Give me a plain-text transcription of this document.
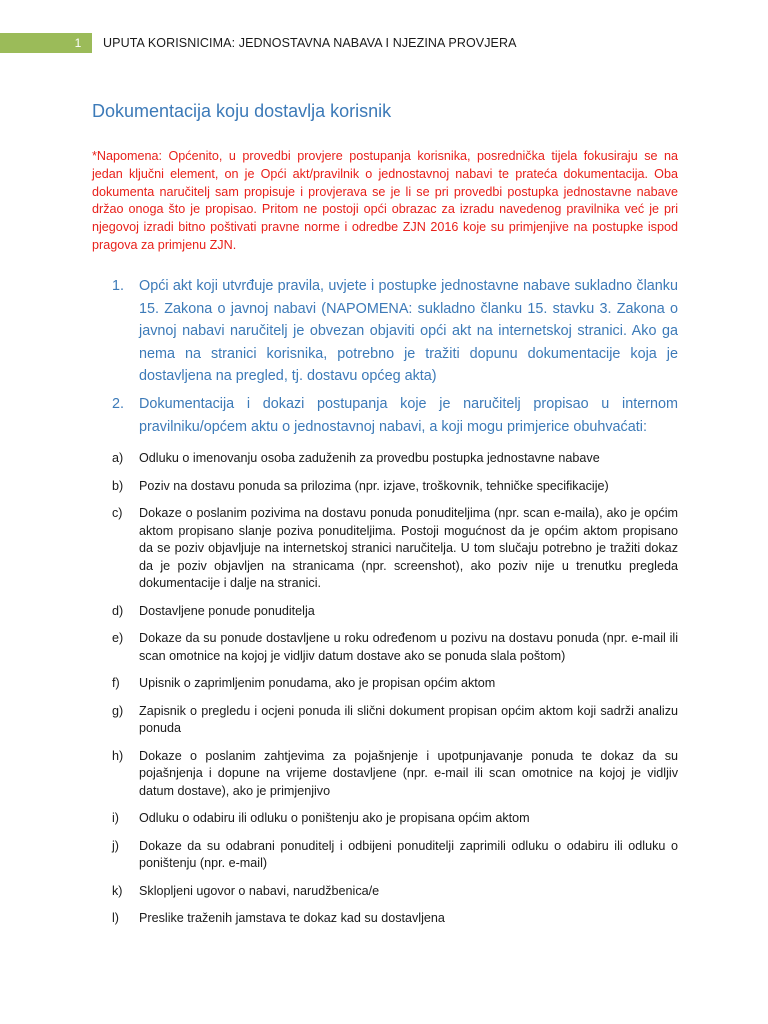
1	UPUTA KORISNICIMA: JEDNOSTAVNA NABAVA I NJEZINA PROVJERA
Dokumentacija koju dostavlja korisnik

*Napomena: Općenito, u provedbi provjere postupanja korisnika, posrednička tijela fokusiraju se na jedan ključni element, on je Opći akt/pravilnik o jednostavnoj nabavi te prateća dokumentacija. Oba dokumenta naručitelj sam propisuje i provjerava se je li se pri provedbi postupka jednostavne nabave držao onoga što je propisao. Pritom ne postoji opći obrazac za izradu navedenog pravilnika već je pri njegovoj izradi bitno poštivati pravne norme i odredbe ZJN 2016 koje su primjenjive na postupke ispod pragova za primjenu ZJN.

1. Opći akt koji utvrđuje pravila, uvjete i postupke jednostavne nabave sukladno članku 15. Zakona o javnoj nabavi (NAPOMENA: sukladno članku 15. stavku 3. Zakona o javnoj nabavi naručitelj je obvezan objaviti opći akt na internetskoj stranici. Ako ga nema na stranici korisnika, potrebno je tražiti dopunu dokumentacije koja je dostavljena na pregled, tj. dostavu općeg akta)
2. Dokumentacija i dokazi postupanja koje je naručitelj propisao u internom pravilniku/općem aktu o jednostavnoj nabavi, a koji mogu primjerice obuhvaćati:
a) Odluku o imenovanju osoba zaduženih za provedbu postupka jednostavne nabave
b) Poziv na dostavu ponuda sa prilozima (npr. izjave, troškovnik, tehničke specifikacije)
c) Dokaze o poslanim pozivima na dostavu ponuda ponuditeljima (npr. scan e-maila), ako je općim aktom propisano slanje poziva ponuditeljima. Postoji mogućnost da je općim aktom propisano da se poziv objavljuje na internetskoj stranici naručitelja. U tom slučaju potrebno je tražiti dokaz da je poziv objavljen na stranicama (npr. screenshot), ako poziv nije u trenutku pregleda dokumentacije i dalje na stranici.
d) Dostavljene ponude ponuditelja
e) Dokaze da su ponude dostavljene u roku određenom u pozivu na dostavu ponuda (npr. e-mail ili scan omotnice na kojoj je vidljiv datum dostave ako se ponuda slala poštom)
f) Upisnik o zaprimljenim ponudama, ako je propisan općim aktom
g) Zapisnik o pregledu i ocjeni ponuda ili slični dokument propisan općim aktom koji sadrži analizu ponuda
h) Dokaze o poslanim zahtjevima za pojašnjenje i upotpunjavanje ponuda te dokaz da su pojašnjenja i dopune na vrijeme dostavljene (npr. e-mail ili scan omotnice na kojoj je vidljiv datum dostave), ako je primjenjivo
i) Odluku o odabiru ili odluku o poništenju ako je propisana općim aktom
j) Dokaze da su odabrani ponuditelj i odbijeni ponuditelji zaprimili odluku o odabiru ili odluku o poništenju (npr. e-mail)
k) Sklopljeni ugovor o nabavi, narudžbenica/e
l) Preslike traženih jamstava te dokaz kad su dostavljena
